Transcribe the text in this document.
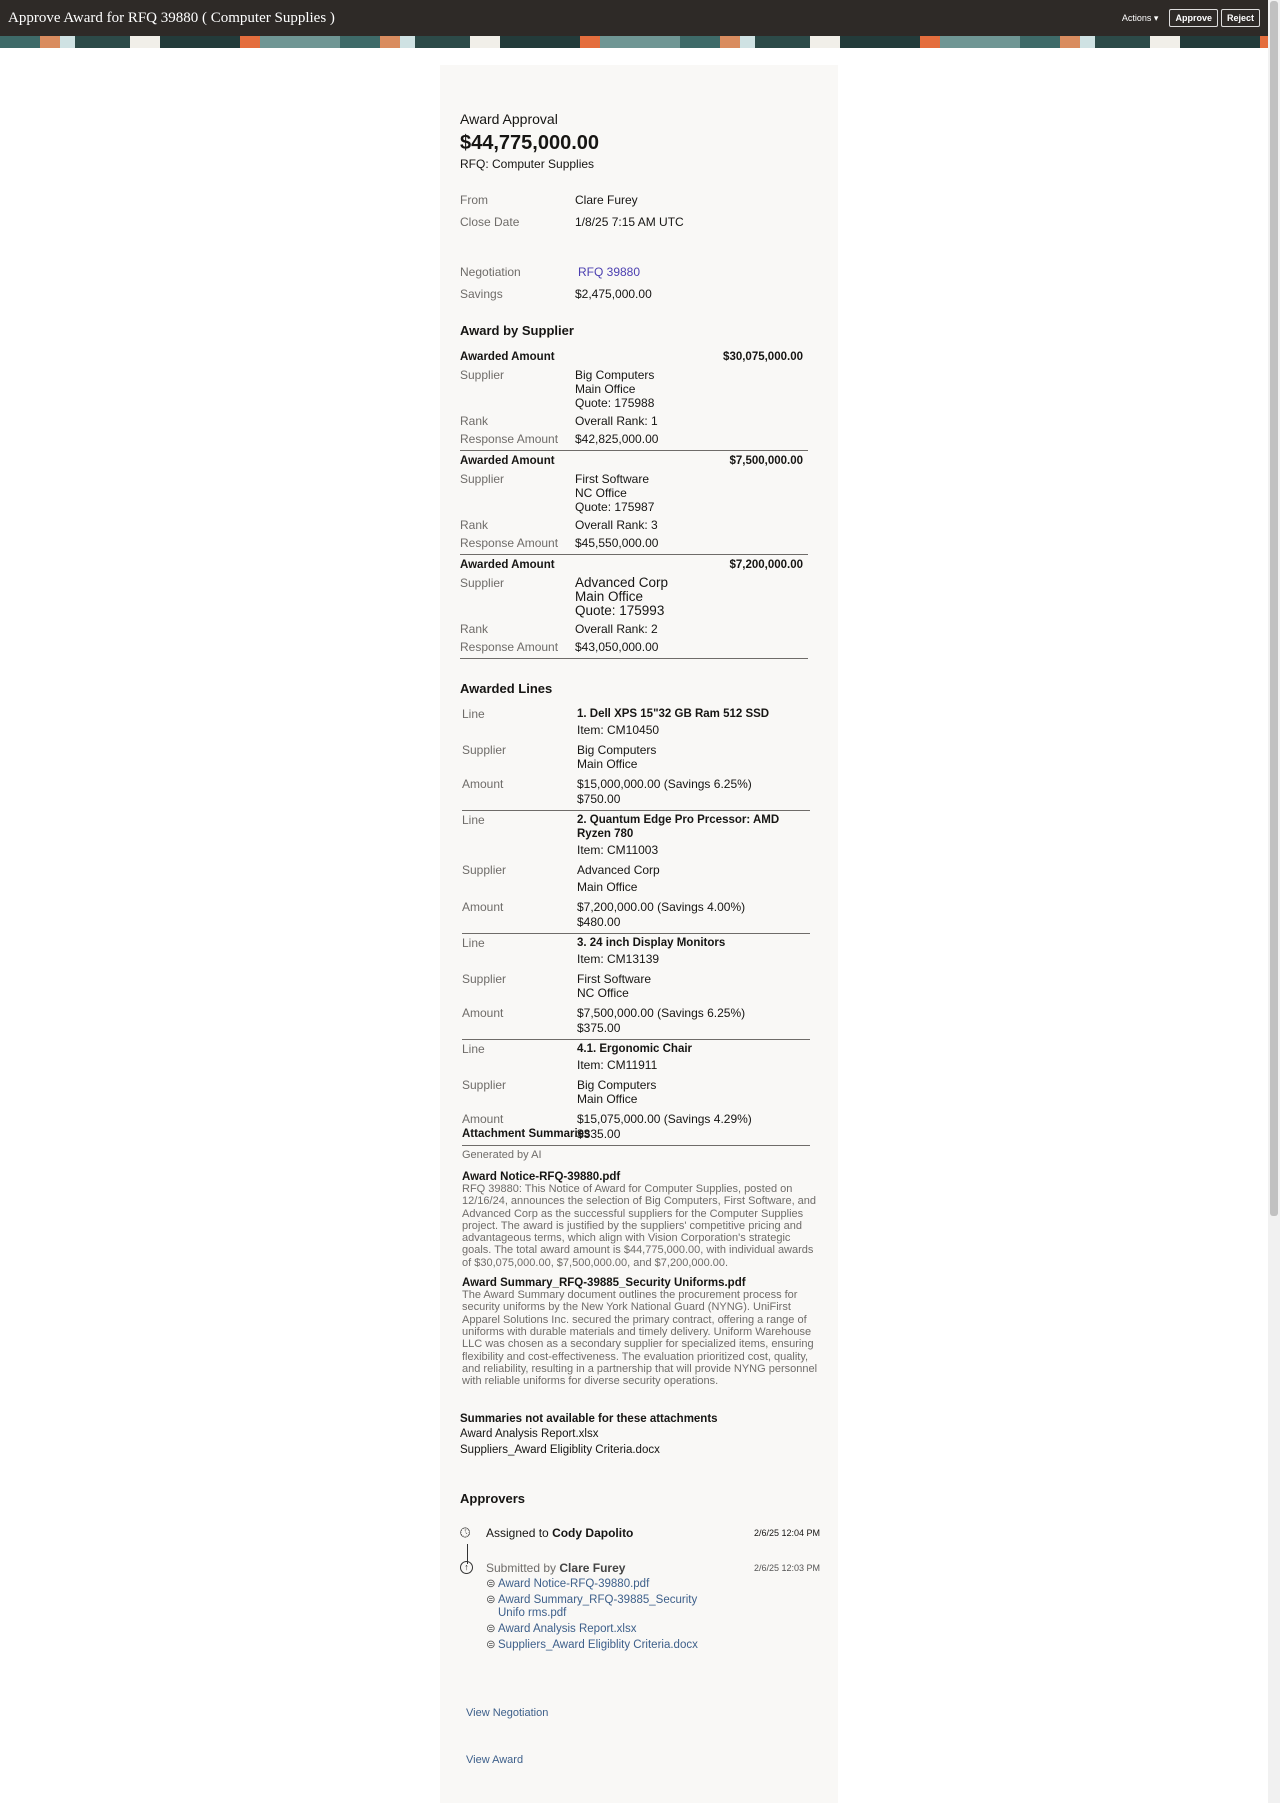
Approve Award for RFQ 39880 ( Computer Supplies )	Actions ▾	Approve	Reject
Award Approval
$44,775,000.00
RFQ: Computer Supplies
From	Clare Furey
Close Date	1/8/25 7:15 AM UTC
Negotiation	RFQ 39880
Savings	$2,475,000.00
Award by Supplier
Awarded Amount	$30,075,000.00
Supplier	Big Computers
Main Office
Quote: 175988
Rank	Overall Rank: 1
Response Amount	$42,825,000.00
Awarded Amount	$7,500,000.00
Supplier	First Software
NC Office
Quote: 175987
Rank	Overall Rank: 3
Response Amount	$45,550,000.00
Awarded Amount	$7,200,000.00
Supplier	Advanced Corp
Main Office
Quote: 175993
Rank	Overall Rank: 2
Response Amount	$43,050,000.00
Awarded Lines
Line	1. Dell XPS 15"32 GB Ram 512 SSD
Item: CM10450
Supplier	Big Computers
Main Office
Amount	$15,000,000.00 (Savings 6.25%)
$750.00
Line	2. Quantum Edge Pro Prcessor: AMD Ryzen 780
Item: CM11003
Supplier	Advanced Corp
Main Office
Amount	$7,200,000.00 (Savings 4.00%)
$480.00
Line	3. 24 inch Display Monitors
Item: CM13139
Supplier	First Software
NC Office
Amount	$7,500,000.00 (Savings 6.25%)
$375.00
Line	4.1. Ergonomic Chair
Item: CM11911
Supplier	Big Computers
Main Office
Amount	$15,075,000.00 (Savings 4.29%)
$335.00
Attachment Summaries
Generated by AI
Award Notice-RFQ-39880.pdf
RFQ 39880: This Notice of Award for Computer Supplies, posted on 12/16/24, announces the selection of Big Computers, First Software, and Advanced Corp as the successful suppliers for the Computer Supplies project. The award is justified by the suppliers' competitive pricing and advantageous terms, which align with Vision Corporation's strategic goals. The total award amount is $44,775,000.00, with individual awards of $30,075,000.00, $7,500,000.00, and $7,200,000.00.
Award Summary_RFQ-39885_Security Uniforms.pdf
The Award Summary document outlines the procurement process for security uniforms by the New York National Guard (NYNG). UniFirst Apparel Solutions Inc. secured the primary contract, offering a range of uniforms with durable materials and timely delivery. Uniform Warehouse LLC was chosen as a secondary supplier for specialized items, ensuring flexibility and cost-effectiveness. The evaluation prioritized cost, quality, and reliability, resulting in a partnership that will provide NYNG personnel with reliable uniforms for diverse security operations.
Summaries not available for these attachments
Award Analysis Report.xlsx
Suppliers_Award Eligiblity Criteria.docx
Approvers
🕓︎ Assigned to Cody Dapolito	2/6/25 12:04 PM
↑	Submitted by Clare Furey	2/6/25 12:03 PM
⊜ Award Notice-RFQ-39880.pdf
⊜ Award Summary_RFQ-39885_Security Unifo rms.pdf
⊜ Award Analysis Report.xlsx
⊜ Suppliers_Award Eligiblity Criteria.docx
View Negotiation
View Award
